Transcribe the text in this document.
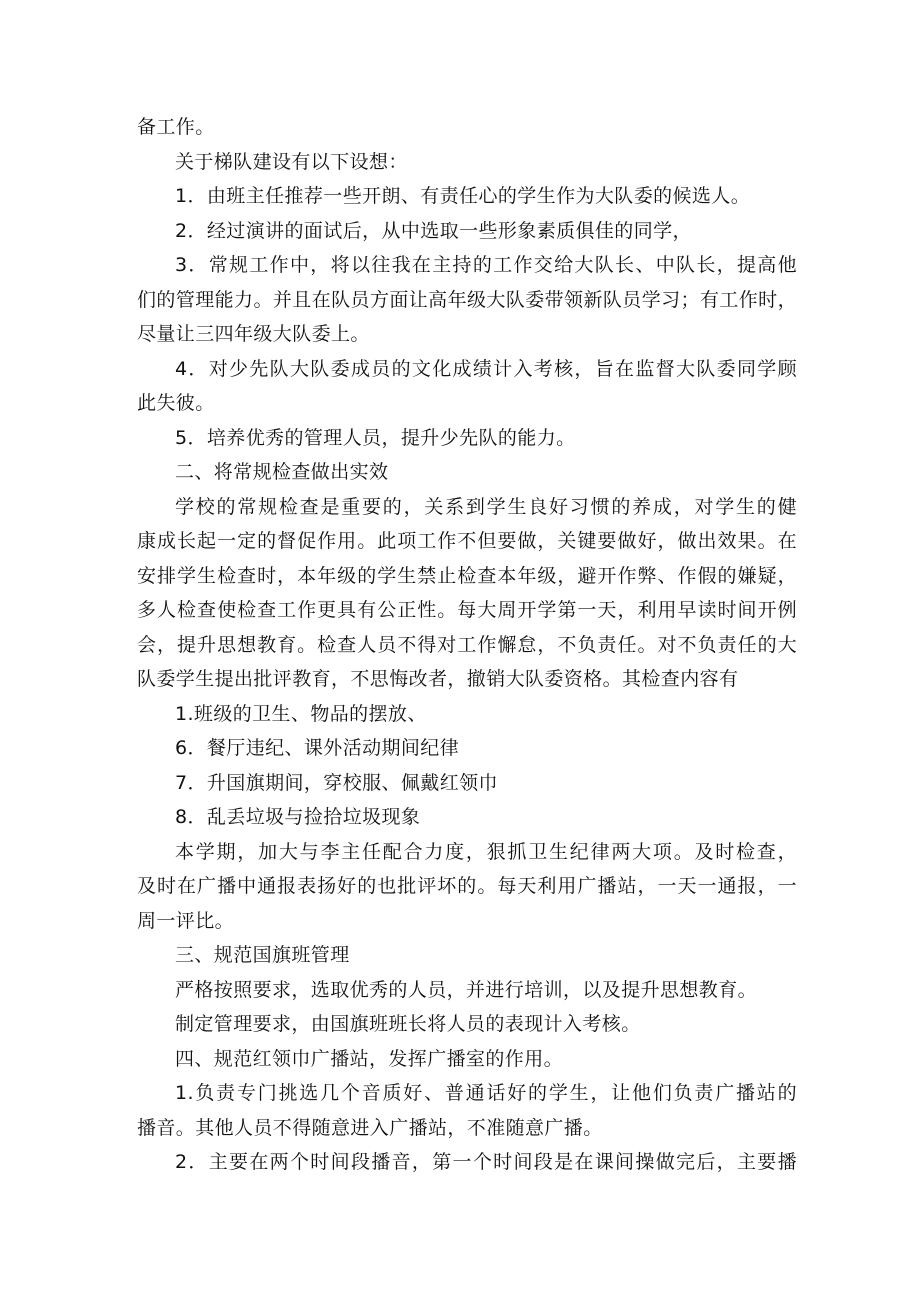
备工作。
关于梯队建设有以下设想：
1．由班主任推荐一些开朗、有责任心的学生作为大队委的候选人。
2．经过演讲的面试后，从中选取一些形象素质俱佳的同学，
3．常规工作中，将以往我在主持的工作交给大队长、中队长，提高他
们的管理能力。并且在队员方面让高年级大队委带领新队员学习；有工作时，
尽量让三四年级大队委上。
4．对少先队大队委成员的文化成绩计入考核，旨在监督大队委同学顾
此失彼。
5．培养优秀的管理人员，提升少先队的能力。
二、将常规检查做出实效
学校的常规检查是重要的，关系到学生良好习惯的养成，对学生的健
康成长起一定的督促作用。此项工作不但要做，关键要做好，做出效果。在
安排学生检查时，本年级的学生禁止检查本年级，避开作弊、作假的嫌疑，
多人检查使检查工作更具有公正性。每大周开学第一天，利用早读时间开例
会，提升思想教育。检查人员不得对工作懈怠，不负责任。对不负责任的大
队委学生提出批评教育，不思悔改者，撤销大队委资格。其检查内容有
1.班级的卫生、物品的摆放、
6．餐厅违纪、课外活动期间纪律
7．升国旗期间，穿校服、佩戴红领巾
8．乱丢垃圾与捡拾垃圾现象
本学期，加大与李主任配合力度，狠抓卫生纪律两大项。及时检查，
及时在广播中通报表扬好的也批评坏的。每天利用广播站，一天一通报，一
周一评比。
三、规范国旗班管理
严格按照要求，选取优秀的人员，并进行培训，以及提升思想教育。
制定管理要求，由国旗班班长将人员的表现计入考核。
四、规范红领巾广播站，发挥广播室的作用。
1.负责专门挑选几个音质好、普通话好的学生，让他们负责广播站的
播音。其他人员不得随意进入广播站，不准随意广播。
2．主要在两个时间段播音，第一个时间段是在课间操做完后，主要播
